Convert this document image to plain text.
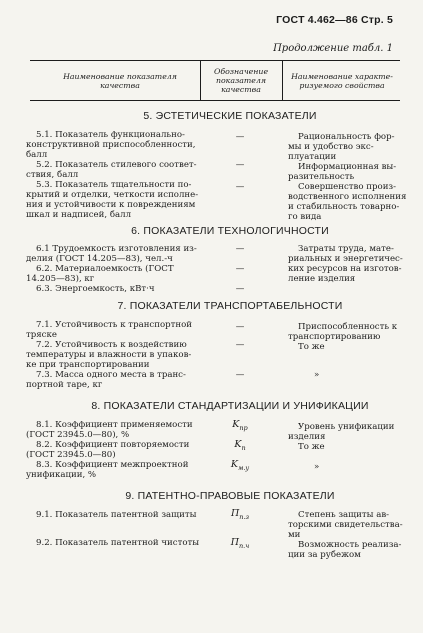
ГОСТ 4.462—86 Стр. 5
Продолжение табл. 1
Наименование показателя качества
Обозначение показателя качества
Наименование характе-ризуемого свойства
5. ЭСТЕТИЧЕСКИЕ ПОКАЗАТЕЛИ
5.1. Показатель функционально-
конструктивной приспособленности,
балл
5.2. Показатель стилевого соответ-
ствия, балл
5.3. Показатель тщательности по-
крытий и отделки, четкости исполне-
ния и устойчивости к повреждениям
шкал и надписей, балл
—
—
—
Рациональность фор-
мы и удобство экс-
плуатации
Информационная вы-
разительность
Совершенство произ-
водственного исполнения
и стабильность товарно-
го вида
6. ПОКАЗАТЕЛИ ТЕХНОЛОГИЧНОСТИ
6.1 Трудоемкость изготовления из-
делия (ГОСТ 14.205—83), чел.-ч
6.2. Материалоемкость (ГОСТ
14.205—83), кг
6.3. Энергоемкость, кВт·ч
—
—
—
Затраты труда, мате-
риальных и энергетичес-
ких ресурсов на изготов-
ление изделия
7. ПОКАЗАТЕЛИ ТРАНСПОРТАБЕЛЬНОСТИ
7.1. Устойчивость к транспортной
тряске
7.2. Устойчивость к воздействию
температуры и влажности в упаков-
ке при транспортировании
7.3. Масса одного места в транс-
портной таре, кг
—
—
—
Приспособленность к
транспортированию
То же
»
8. ПОКАЗАТЕЛИ СТАНДАРТИЗАЦИИ И УНИФИКАЦИИ
8.1. Коэффициент применяемости
(ГОСТ 23945.0—80), %
8.2. Коэффициент повторяемости
(ГОСТ 23945.0—80)
8.3. Коэффициент межпроектной
унификации, %
$K_{пр}$
$K_п$
$K_{м.у}$
Уровень унификации
изделия
То же
»
9. ПАТЕНТНО-ПРАВОВЫЕ ПОКАЗАТЕЛИ
9.1. Показатель патентной защиты
9.2. Показатель патентной чистоты
$П_{п.з}$
$П_{п.ч}$
Степень защиты ав-
торскими свидетельства-
ми
Возможность реализа-
ции за рубежом
